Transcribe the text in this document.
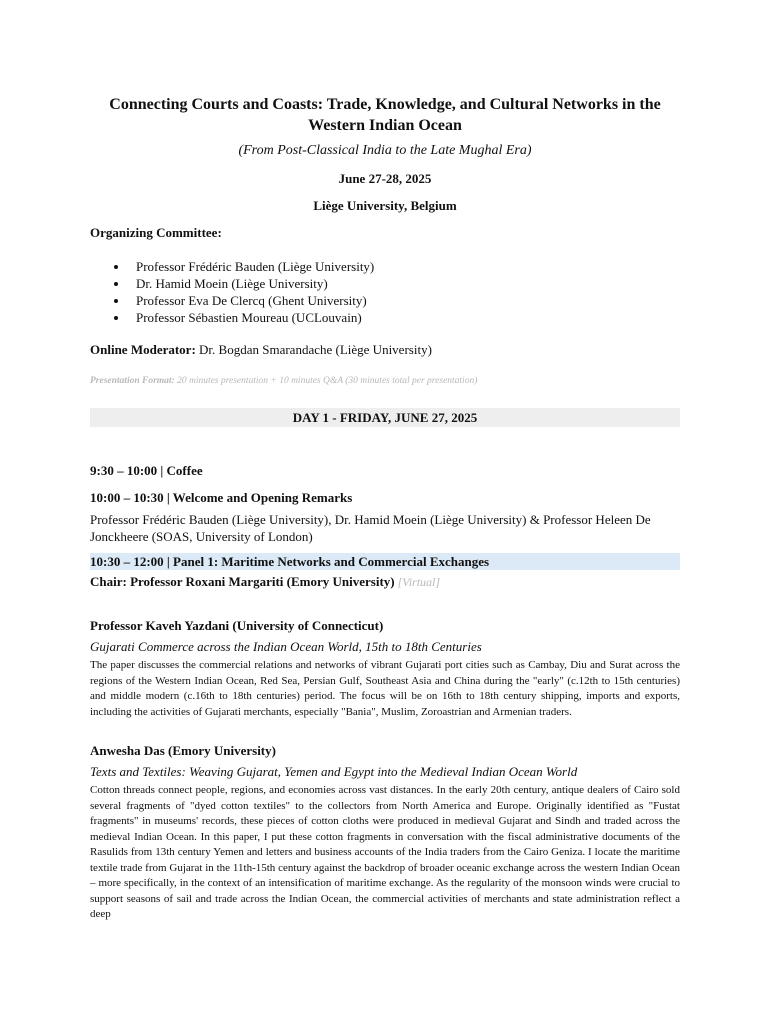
Connecting Courts and Coasts: Trade, Knowledge, and Cultural Networks in the Western Indian Ocean
(From Post-Classical India to the Late Mughal Era)
June 27-28, 2025
Liège University, Belgium
Organizing Committee:
Professor Frédéric Bauden (Liège University)
Dr. Hamid Moein (Liège University)
Professor Eva De Clercq (Ghent University)
Professor Sébastien Moureau (UCLouvain)
Online Moderator: Dr. Bogdan Smarandache (Liège University)
Presentation Format: 20 minutes presentation + 10 minutes Q&A (30 minutes total per presentation)
DAY 1 - FRIDAY, JUNE 27, 2025
9:30 – 10:00 | Coffee
10:00 – 10:30 | Welcome and Opening Remarks
Professor Frédéric Bauden (Liège University), Dr. Hamid Moein (Liège University) & Professor Heleen De Jonckheere (SOAS, University of London)
10:30 – 12:00 | Panel 1: Maritime Networks and Commercial Exchanges
Chair: Professor Roxani Margariti (Emory University) [Virtual]
Professor Kaveh Yazdani (University of Connecticut)
Gujarati Commerce across the Indian Ocean World, 15th to 18th Centuries

The paper discusses the commercial relations and networks of vibrant Gujarati port cities such as Cambay, Diu and Surat across the regions of the Western Indian Ocean, Red Sea, Persian Gulf, Southeast Asia and China during the "early" (c.12th to 15th centuries) and middle modern (c.16th to 18th centuries) period. The focus will be on 16th to 18th century shipping, imports and exports, including the activities of Gujarati merchants, especially "Bania", Muslim, Zoroastrian and Armenian traders.

Anwesha Das (Emory University)
Texts and Textiles: Weaving Gujarat, Yemen and Egypt into the Medieval Indian Ocean World

Cotton threads connect people, regions, and economies across vast distances. In the early 20th century, antique dealers of Cairo sold several fragments of "dyed cotton textiles" to the collectors from North America and Europe. Originally identified as "Fustat fragments" in museums' records, these pieces of cotton cloths were produced in medieval Gujarat and Sindh and traded across the medieval Indian Ocean. In this paper, I put these cotton fragments in conversation with the fiscal administrative documents of the Rasulids from 13th century Yemen and letters and business accounts of the India traders from the Cairo Geniza. I locate the maritime textile trade from Gujarat in the 11th-15th century against the backdrop of broader oceanic exchange across the western Indian Ocean – more specifically, in the context of an intensification of maritime exchange. As the regularity of the monsoon winds were crucial to support seasons of sail and trade across the Indian Ocean, the commercial activities of merchants and state administration reflect a deep
